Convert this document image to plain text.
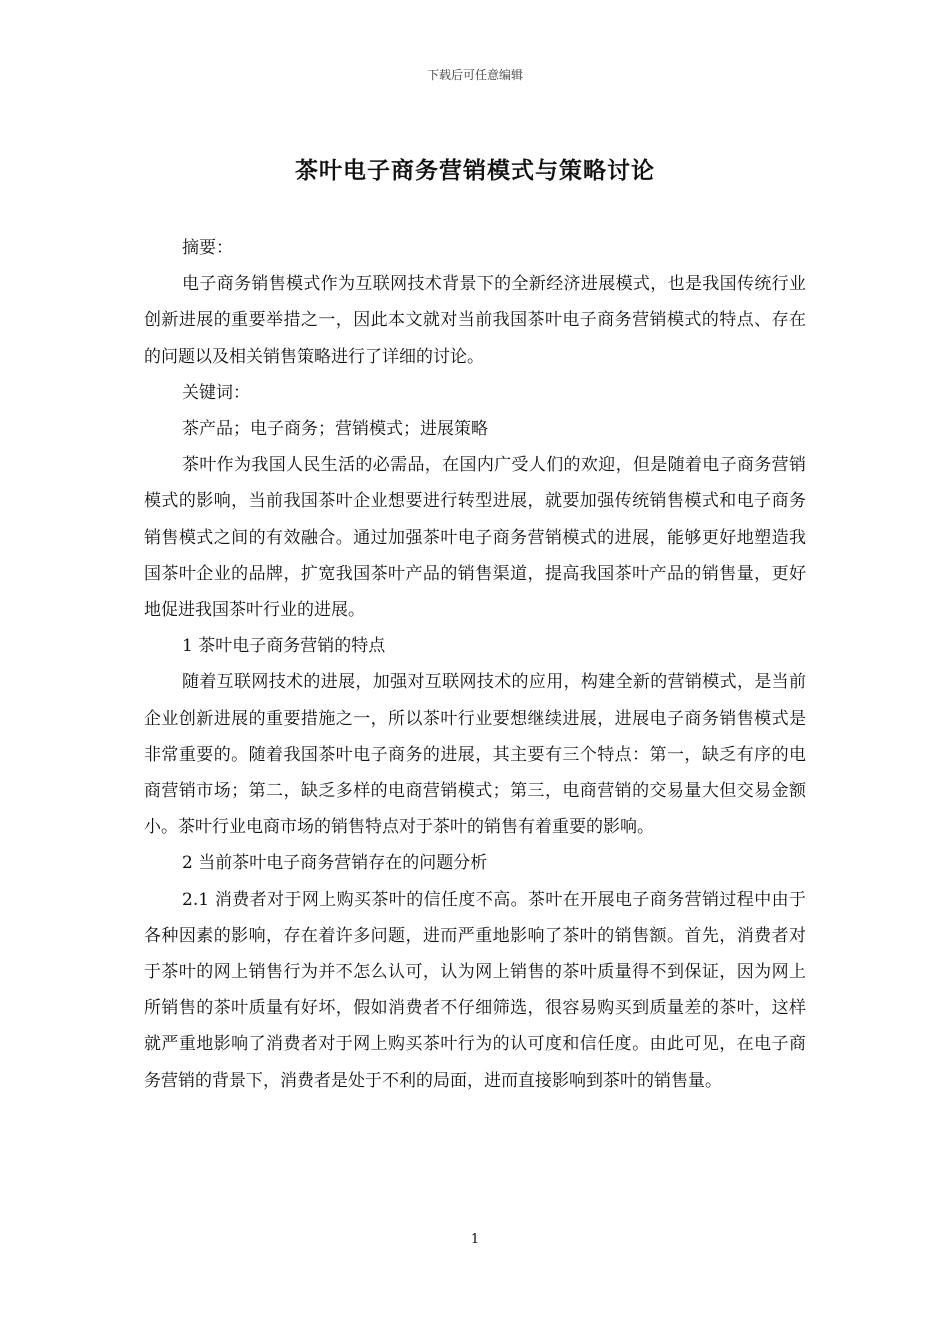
下载后可任意编辑
茶叶电子商务营销模式与策略讨论

摘要：

电子商务销售模式作为互联网技术背景下的全新经济进展模式，也是我国传统行业创新进展的重要举措之一，因此本文就对当前我国茶叶电子商务营销模式的特点、存在的问题以及相关销售策略进行了详细的讨论。

关键词：

茶产品；电子商务；营销模式；进展策略

茶叶作为我国人民生活的必需品，在国内广受人们的欢迎，但是随着电子商务营销模式的影响，当前我国茶叶企业想要进行转型进展，就要加强传统销售模式和电子商务销售模式之间的有效融合。通过加强茶叶电子商务营销模式的进展，能够更好地塑造我国茶叶企业的品牌，扩宽我国茶叶产品的销售渠道，提高我国茶叶产品的销售量，更好地促进我国茶叶行业的进展。

1 茶叶电子商务营销的特点

随着互联网技术的进展，加强对互联网技术的应用，构建全新的营销模式，是当前企业创新进展的重要措施之一，所以茶叶行业要想继续进展，进展电子商务销售模式是非常重要的。随着我国茶叶电子商务的进展，其主要有三个特点：第一，缺乏有序的电商营销市场；第二，缺乏多样的电商营销模式；第三，电商营销的交易量大但交易金额小。茶叶行业电商市场的销售特点对于茶叶的销售有着重要的影响。

2 当前茶叶电子商务营销存在的问题分析

2.1 消费者对于网上购买茶叶的信任度不高。茶叶在开展电子商务营销过程中由于各种因素的影响，存在着许多问题，进而严重地影响了茶叶的销售额。首先，消费者对于茶叶的网上销售行为并不怎么认可，认为网上销售的茶叶质量得不到保证，因为网上所销售的茶叶质量有好坏，假如消费者不仔细筛选，很容易购买到质量差的茶叶，这样就严重地影响了消费者对于网上购买茶叶行为的认可度和信任度。由此可见，在电子商务营销的背景下，消费者是处于不利的局面，进而直接影响到茶叶的销售量。

1
